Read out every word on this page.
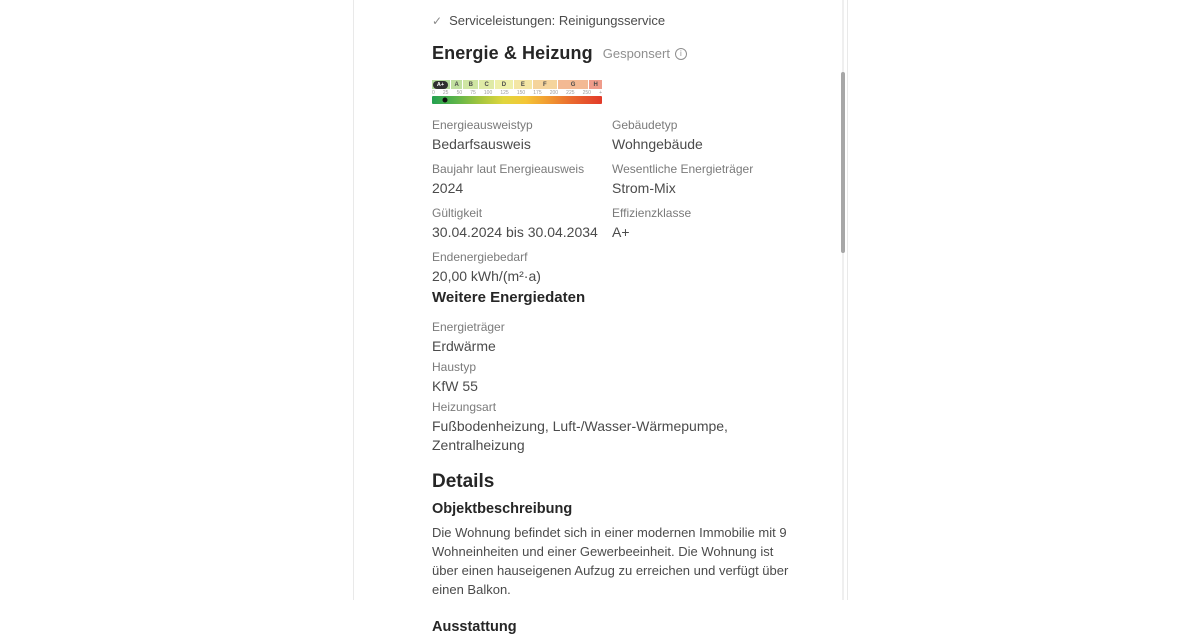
✓ Serviceleistungen: Reinigungsservice
Energie & Heizung Gesponsert	i
A+ A B C D E	F	G	H
0 25 50 75 100 125 150 175 200 225 250 +
Energieausweistyp
Bedarfsausweis
Gebäudetyp
Wohngebäude
Baujahr laut Energieausweis
2024
Wesentliche Energieträger
Strom-Mix
Gültigkeit
30.04.2024 bis 30.04.2034
Effizienzklasse
A+
Endenergiebedarf
20,00 kWh/(m²·a)
Weitere Energiedaten
Energieträger
Erdwärme
Haustyp
KfW 55
Heizungsart
Fußbodenheizung, Luft-/Wasser-Wärmepumpe, Zentralheizung
Details
Objektbeschreibung

Die Wohnung befindet sich in einer modernen Immobilie mit 9 Wohneinheiten und einer Gewerbeeinheit. Die Wohnung ist über einen hauseigenen Aufzug zu erreichen und verfügt über einen Balkon.

Ausstattung
